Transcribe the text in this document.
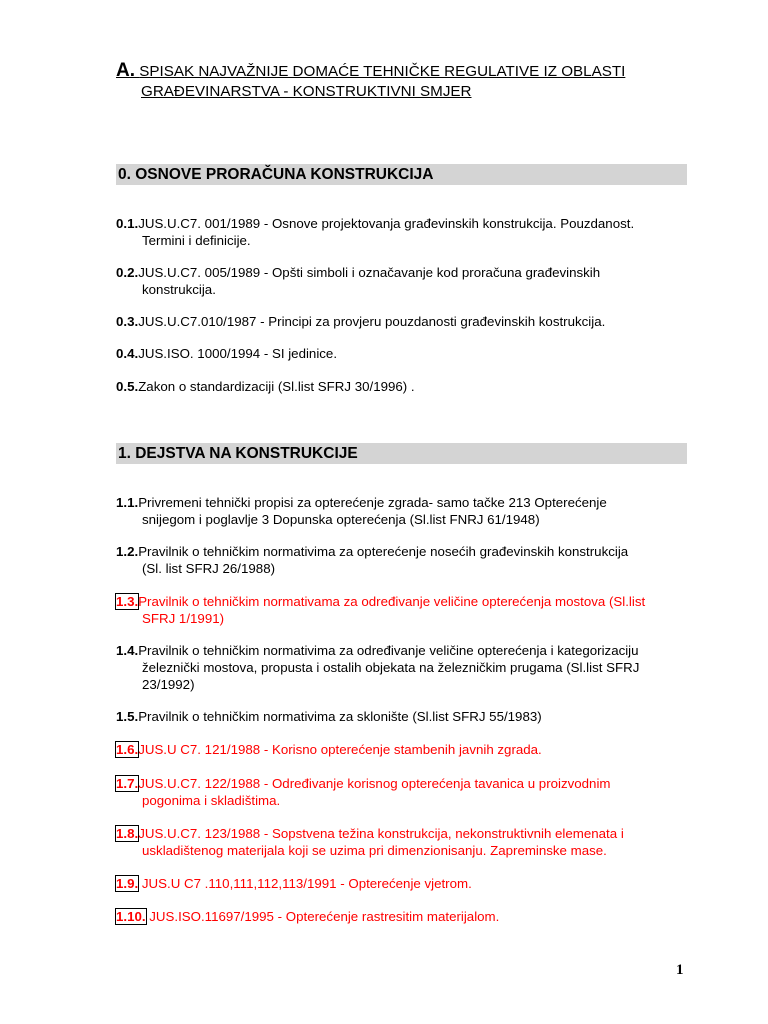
A. SPISAK NAJVAŽNIJE DOMAĆE TEHNIČKE REGULATIVE IZ OBLASTI
GRAĐEVINARSTVA - KONSTRUKTIVNI SMJER
0. OSNOVE PRORAČUNA KONSTRUKCIJA
0.1.JUS.U.C7. 001/1989 - Osnove projektovanja građevinskih konstrukcija. Pouzdanost.
Termini i definicije.
0.2.JUS.U.C7. 005/1989 - Opšti simboli i označavanje kod proračuna građevinskih
konstrukcija.
0.3.JUS.U.C7.010/1987 - Principi za provjeru pouzdanosti građevinskih kostrukcija.
0.4.JUS.ISO. 1000/1994 - SI jedinice.
0.5.Zakon o standardizaciji (Sl.list SFRJ 30/1996) .
1. DEJSTVA NA KONSTRUKCIJE
1.1.Privremeni tehnički propisi za opterećenje zgrada- samo tačke 213 Opterećenje
snijegom i poglavlje 3 Dopunska opterećenja (Sl.list FNRJ 61/1948)
1.2.Pravilnik o tehničkim normativima za opterećenje nosećih građevinskih konstrukcija
(Sl. list SFRJ 26/1988)
1.3.Pravilnik o tehničkim normativama za određivanje veličine opterećenja mostova (Sl.list
SFRJ 1/1991)
1.4.Pravilnik o tehničkim normativima za određivanje veličine opterećenja i kategorizaciju
železnički mostova, propusta i ostalih objekata na železničkim prugama (Sl.list SFRJ
23/1992)
1.5.Pravilnik o tehničkim normativima za sklonište (Sl.list SFRJ 55/1983)
1.6.JUS.U C7. 121/1988 - Korisno opterećenje stambenih javnih zgrada.
1.7.JUS.U.C7. 122/1988 - Određivanje korisnog opterećenja tavanica u proizvodnim
pogonima i skladištima.
1.8.JUS.U.C7. 123/1988 - Sopstvena težina konstrukcija, nekonstruktivnih elemenata i
uskladištenog materijala koji se uzima pri dimenzionisanju. Zapreminske mase.
1.9. JUS.U C7 .110,111,112,113/1991 - Opterećenje vjetrom.
1.10. JUS.ISO.11697/1995 - Opterećenje rastresitim materijalom.
1
